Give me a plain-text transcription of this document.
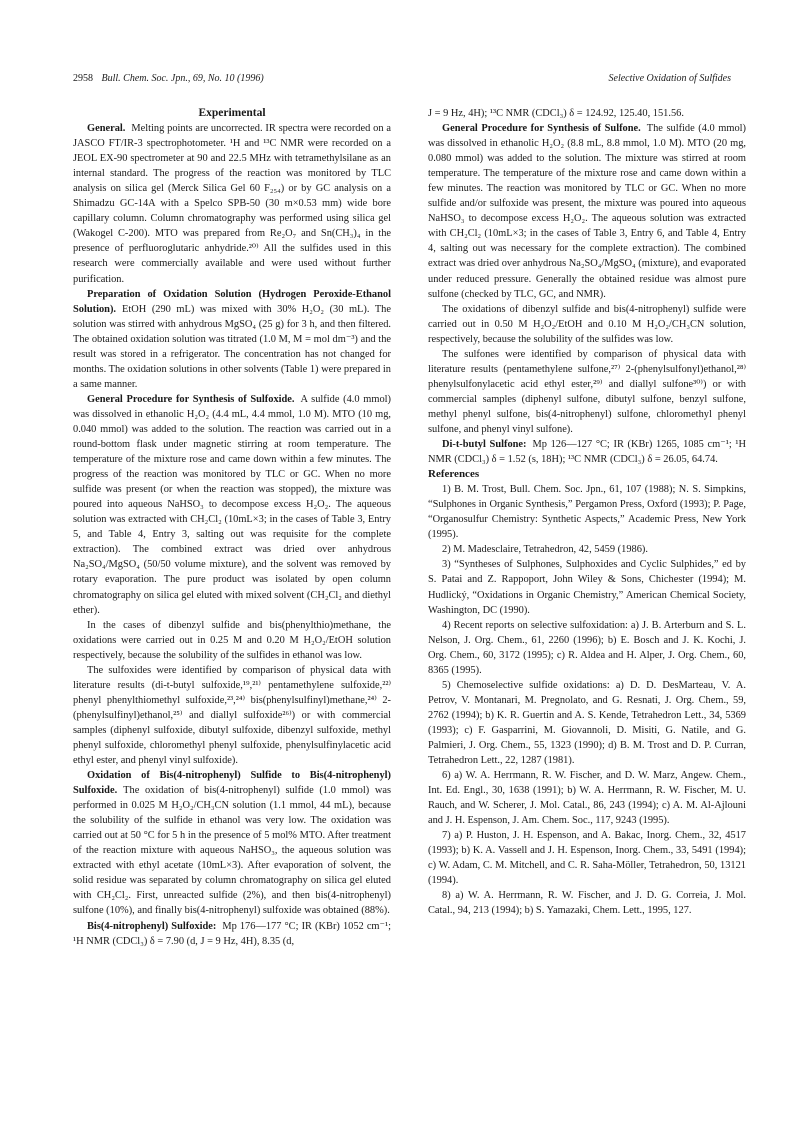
2958 Bull. Chem. Soc. Jpn., 69, No. 10 (1996)	Selective Oxidation of Sulfides

Experimental

General. Melting points are uncorrected. IR spectra were recorded on a JASCO FT/IR-3 spectrophotometer. ¹H and ¹³C NMR were recorded on a JEOL EX-90 spectrometer at 90 and 22.5 MHz with tetramethylsilane as an internal standard. The progress of the reaction was monitored by TLC analysis on silica gel (Merck Silica Gel 60 F₂₅₄) or by GC analysis on a Shimadzu GC-14A with a Spelco SPB-50 (30 m×0.53 mm) wide bore capillary column. Column chromatography was performed using silica gel (Wakogel C-200). MTO was prepared from Re₂O₇ and Sn(CH₃)₄ in the presence of perfluoroglutaric anhydride.²⁰⁾ All the sulfides used in this research were commercially available and were used without further purification.

Preparation of Oxidation Solution (Hydrogen Peroxide-Ethanol Solution). EtOH (290 mL) was mixed with 30% H₂O₂ (30 mL). The solution was stirred with anhydrous MgSO₄ (25 g) for 3 h, and then filtered. The obtained oxidation solution was titrated (1.0 M, M = mol dm⁻³) and the result was stored in a refrigerator. The concentration has not changed for months. The oxidation solutions in other solvents (Table 1) were prepared in a same manner.

General Procedure for Synthesis of Sulfoxide. A sulfide (4.0 mmol) was dissolved in ethanolic H₂O₂ (4.4 mL, 4.4 mmol, 1.0 M). MTO (10 mg, 0.040 mmol) was added to the solution. The reaction was carried out in a round-bottom flask under magnetic stirring at room temperature. The temperature of the mixture rose and came down within a few minutes. The progress of the reaction was monitored by TLC or GC. When no more sulfide was present (or when the reaction was stopped), the mixture was poured into aqueous NaHSO₃ to decompose excess H₂O₂. The aqueous solution was extracted with CH₂Cl₂ (10mL×3; in the cases of Table 3, Entry 5, and Table 4, Entry 3, salting out was requisite for the complete extraction). The combined extract was dried over anhydrous Na₂SO₄/MgSO₄ (50/50 volume mixture), and the solvent was removed by rotary evaporation. The pure product was isolated by open column chromatography on silica gel eluted with mixed solvent (CH₂Cl₂ and diethyl ether).

In the cases of dibenzyl sulfide and bis(phenylthio)methane, the oxidations were carried out in 0.25 M and 0.20 M H₂O₂/EtOH solution respectively, because the solubility of the sulfides in ethanol was low.

The sulfoxides were identified by comparison of physical data with literature results (di-t-butyl sulfoxide,¹⁹,²¹⁾ pentamethylene sulfoxide,²²⁾ phenyl phenylthiomethyl sulfoxide,²³,²⁴⁾ bis(phenylsulfinyl)methane,²⁴⁾ 2-(phenylsulfinyl)ethanol,²⁵⁾ and diallyl sulfoxide²⁶⁾) or with commercial samples (diphenyl sulfoxide, dibutyl sulfoxide, dibenzyl sulfoxide, methyl phenyl sulfoxide, chloromethyl phenyl sulfoxide, phenylsulfinylacetic acid ethyl ester, and phenyl vinyl sulfoxide).

Oxidation of Bis(4-nitrophenyl) Sulfide to Bis(4-nitrophenyl) Sulfoxide. The oxidation of bis(4-nitrophenyl) sulfide (1.0 mmol) was performed in 0.025 M H₂O₂/CH₃CN solution (1.1 mmol, 44 mL), because the solubility of the sulfide in ethanol was very low. The oxidation was carried out at 50 °C for 5 h in the presence of 5 mol% MTO. After treatment of the reaction mixture with aqueous NaHSO₃, the aqueous solution was extracted with ethyl acetate (10mL×3). After evaporation of solvent, the solid residue was separated by column chromatography on silica gel eluted with CH₂Cl₂. First, unreacted sulfide (2%), and then bis(4-nitrophenyl) sulfone (10%), and finally bis(4-nitrophenyl) sulfoxide was obtained (88%).

Bis(4-nitrophenyl) Sulfoxide: Mp 176—177 °C; IR (KBr) 1052 cm⁻¹; ¹H NMR (CDCl₃) δ = 7.90 (d, J = 9 Hz, 4H), 8.35 (d,

J = 9 Hz, 4H); ¹³C NMR (CDCl₃) δ = 124.92, 125.40, 151.56.

General Procedure for Synthesis of Sulfone. The sulfide (4.0 mmol) was dissolved in ethanolic H₂O₂ (8.8 mL, 8.8 mmol, 1.0 M). MTO (20 mg, 0.080 mmol) was added to the solution. The mixture was stirred at room temperature. The temperature of the mixture rose and came down within a few minutes. The reaction was monitored by TLC or GC. When no more sulfide and/or sulfoxide was present, the mixture was poured into aqueous NaHSO₃ to decompose excess H₂O₂. The aqueous solution was extracted with CH₂Cl₂ (10mL×3; in the cases of Table 3, Entry 6, and Table 4, Entry 4, salting out was necessary for the complete extraction). The combined extract was dried over anhydrous Na₂SO₄/MgSO₄ (mixture), and evaporated under reduced pressure. Generally the obtained residue was almost pure sulfone (checked by TLC, GC, and NMR).

The oxidations of dibenzyl sulfide and bis(4-nitrophenyl) sulfide were carried out in 0.50 M H₂O₂/EtOH and 0.10 M H₂O₂/CH₃CN solution, respectively, because the solubility of the sulfides was low.

The sulfones were identified by comparison of physical data with literature results (pentamethylene sulfone,²⁷⁾ 2-(phenylsulfonyl)ethanol,²⁸⁾ phenylsulfonylacetic acid ethyl ester,²⁹⁾ and diallyl sulfone³⁰⁾) or with commercial samples (diphenyl sulfone, dibutyl sulfone, benzyl sulfone, methyl phenyl sulfone, bis(4-nitrophenyl) sulfone, chloromethyl phenyl sulfone, and phenyl vinyl sulfone).

Di-t-butyl Sulfone: Mp 126—127 °C; IR (KBr) 1265, 1085 cm⁻¹; ¹H NMR (CDCl₃) δ = 1.52 (s, 18H); ¹³C NMR (CDCl₃) δ = 26.05, 64.74.

References

1) B. M. Trost, Bull. Chem. Soc. Jpn., 61, 107 (1988); N. S. Simpkins, “Sulphones in Organic Synthesis,” Pergamon Press, Oxford (1993); P. Page, “Organosulfur Chemistry: Synthetic Aspects,” Academic Press, New York (1995).

2) M. Madesclaire, Tetrahedron, 42, 5459 (1986).

3) “Syntheses of Sulphones, Sulphoxides and Cyclic Sulphides,” ed by S. Patai and Z. Rappoport, John Wiley & Sons, Chichester (1994); M. Hudlický, “Oxidations in Organic Chemistry,” American Chemical Society, Washington, DC (1990).

4) Recent reports on selective sulfoxidation: a) J. B. Arterburn and S. L. Nelson, J. Org. Chem., 61, 2260 (1996); b) E. Bosch and J. K. Kochi, J. Org. Chem., 60, 3172 (1995); c) R. Aldea and H. Alper, J. Org. Chem., 60, 8365 (1995).

5) Chemoselective sulfide oxidations: a) D. D. DesMarteau, V. A. Petrov, V. Montanari, M. Pregnolato, and G. Resnati, J. Org. Chem., 59, 2762 (1994); b) K. R. Guertin and A. S. Kende, Tetrahedron Lett., 34, 5369 (1993); c) F. Gasparrini, M. Giovannoli, D. Misiti, G. Natile, and G. Palmieri, J. Org. Chem., 55, 1323 (1990); d) B. M. Trost and D. P. Curran, Tetrahedron Lett., 22, 1287 (1981).

6) a) W. A. Herrmann, R. W. Fischer, and D. W. Marz, Angew. Chem., Int. Ed. Engl., 30, 1638 (1991); b) W. A. Herrmann, R. W. Fischer, M. U. Rauch, and W. Scherer, J. Mol. Catal., 86, 243 (1994); c) A. M. Al-Ajlouni and J. H. Espenson, J. Am. Chem. Soc., 117, 9243 (1995).

7) a) P. Huston, J. H. Espenson, and A. Bakac, Inorg. Chem., 32, 4517 (1993); b) K. A. Vassell and J. H. Espenson, Inorg. Chem., 33, 5491 (1994); c) W. Adam, C. M. Mitchell, and C. R. Saha-Möller, Tetrahedron, 50, 13121 (1994).

8) a) W. A. Herrmann, R. W. Fischer, and J. D. G. Correia, J. Mol. Catal., 94, 213 (1994); b) S. Yamazaki, Chem. Lett., 1995, 127.
